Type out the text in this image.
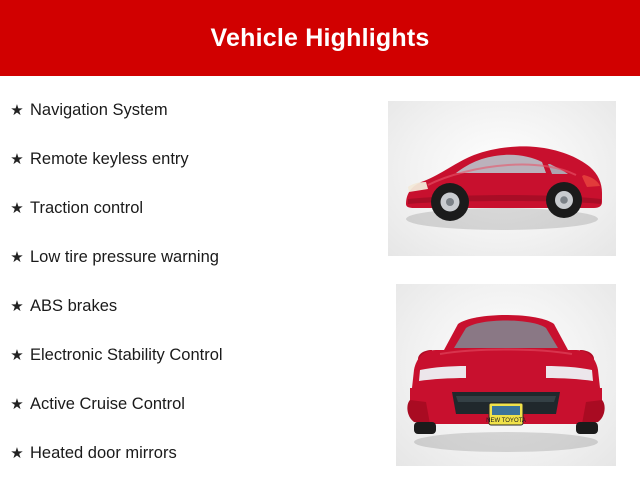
Vehicle Highlights
★ Navigation System
★ Remote keyless entry
★ Traction control
★ Low tire pressure warning
★ ABS brakes
★ Electronic Stability Control
★ Active Cruise Control
★ Heated door mirrors
NEW TOYOTA
